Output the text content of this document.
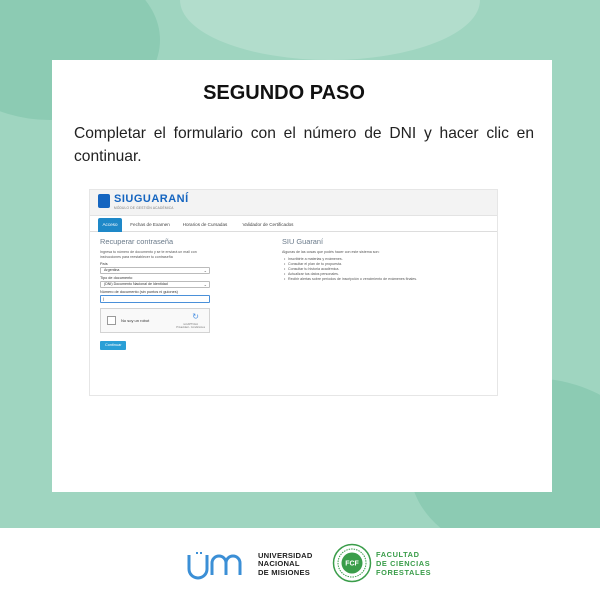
SEGUNDO PASO
Completar el formulario con el número de DNI y hacer clic en continuar.
SIUGUARANÍ
MÓDULO DE GESTIÓN ACADÉMICA
Acceso	Fechas de Examen	Horarios de Cursadas	Validador de Certificados
Recuperar contraseña
Ingresa tu número de documento y se te enviará un mail con instrucciones para reestablecer tu contraseña
País
Argentina	⌄
Tipo de documento
(DNI) Documento Nacional de Identidad	⌄
Número de documento (sin puntos ni guiones)
|
No soy un robot	↻
reCAPTCHA
Privacidad - Condiciones
Continuar
SIU Guaraní
Algunas de las cosas que podés hacer con este sistema son:
• Inscribirte a materias y exámenes.
• Consultar el plan de tu propuesta.
• Consultar tu historia académica.
• Actualizar tus datos personales.
• Recibir alertas sobre períodos de inscripción o vencimiento de exámenes finales.
UNIVERSIDAD
NACIONAL
DE MISIONES
FCF
FACULTAD
DE CIENCIAS
FORESTALES
